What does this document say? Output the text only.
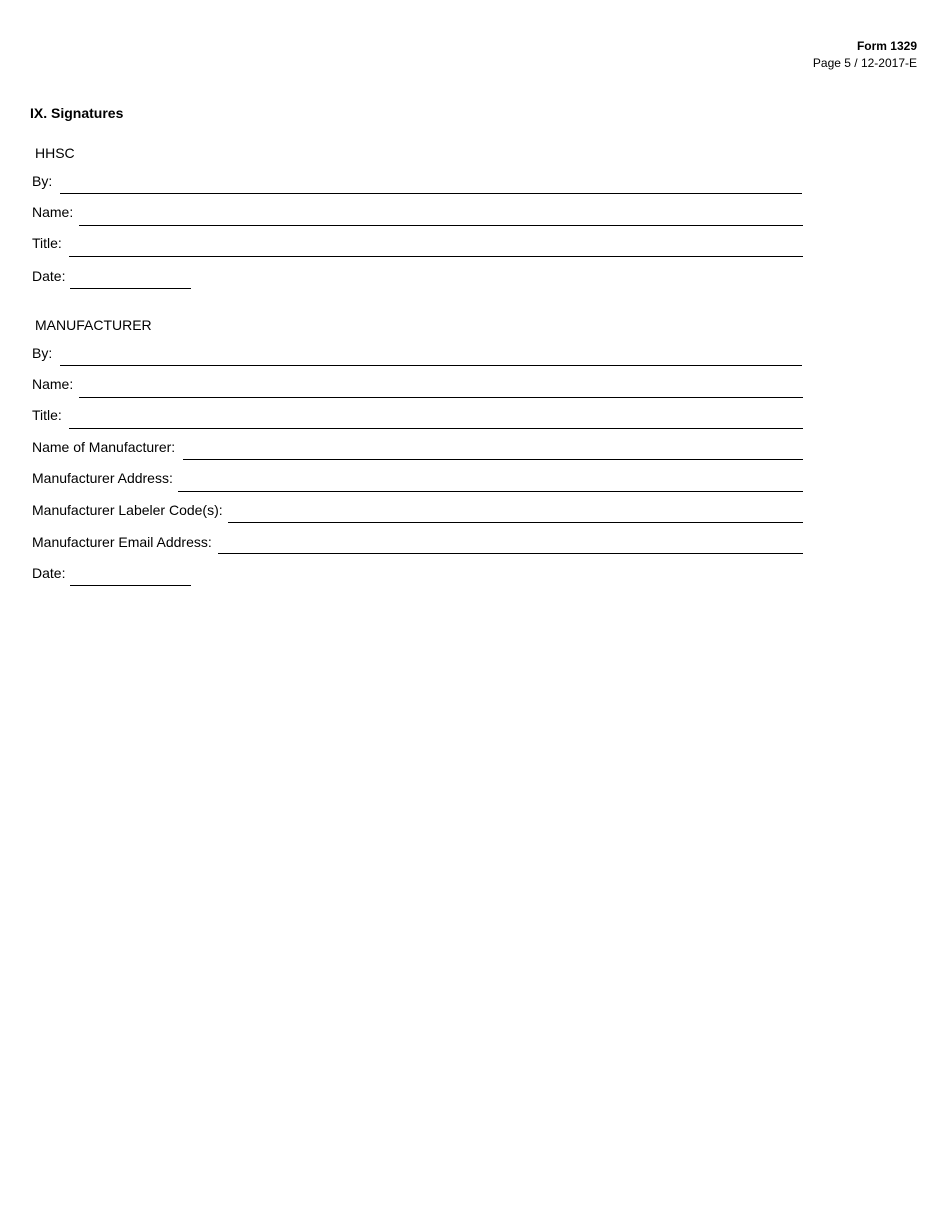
Form 1329
Page 5 / 12-2017-E
IX. Signatures
HHSC
By:
Name:
Title:
Date:
MANUFACTURER
By:
Name:
Title:
Name of Manufacturer:
Manufacturer Address:
Manufacturer Labeler Code(s):
Manufacturer Email Address:
Date:
